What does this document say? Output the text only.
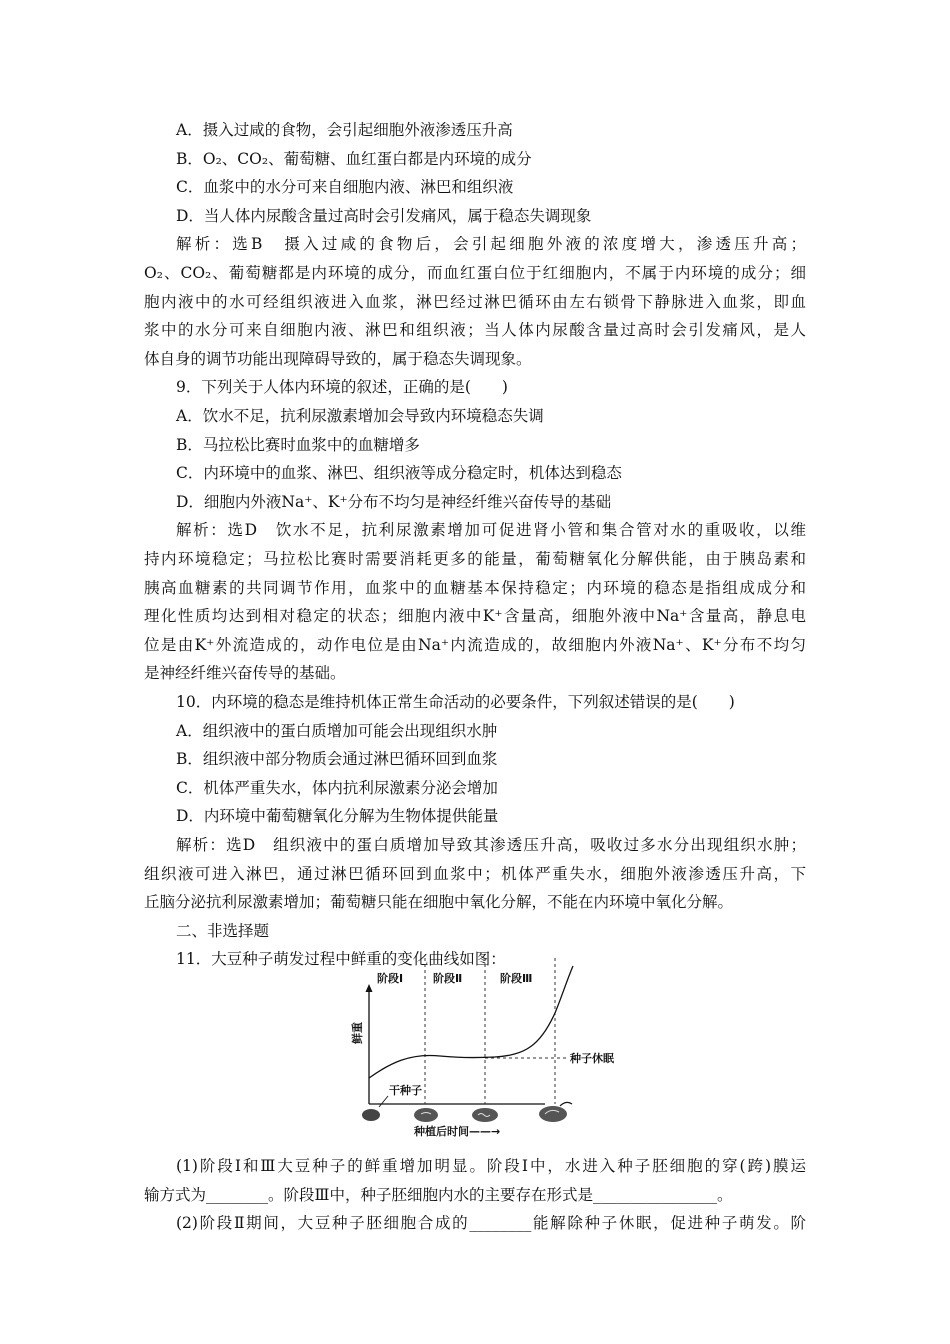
A．摄入过咸的食物，会引起细胞外液渗透压升高
B．O₂、CO₂、葡萄糖、血红蛋白都是内环境的成分
C．血浆中的水分可来自细胞内液、淋巴和组织液
D．当人体内尿酸含量过高时会引发痛风，属于稳态失调现象
解析：选B　摄入过咸的食物后，会引起细胞外液的浓度增大，渗透压升高；
O₂、CO₂、葡萄糖都是内环境的成分，而血红蛋白位于红细胞内，不属于内环境的成分；细
胞内液中的水可经组织液进入血浆，淋巴经过淋巴循环由左右锁骨下静脉进入血浆，即血
浆中的水分可来自细胞内液、淋巴和组织液；当人体内尿酸含量过高时会引发痛风，是人
体自身的调节功能出现障碍导致的，属于稳态失调现象。
9．下列关于人体内环境的叙述，正确的是(　　)
A．饮水不足，抗利尿激素增加会导致内环境稳态失调
B．马拉松比赛时血浆中的血糖增多
C．内环境中的血浆、淋巴、组织液等成分稳定时，机体达到稳态
D．细胞内外液Na⁺、K⁺分布不均匀是神经纤维兴奋传导的基础
解析：选D　饮水不足，抗利尿激素增加可促进肾小管和集合管对水的重吸收，以维
持内环境稳定；马拉松比赛时需要消耗更多的能量，葡萄糖氧化分解供能，由于胰岛素和
胰高血糖素的共同调节作用，血浆中的血糖基本保持稳定；内环境的稳态是指组成成分和
理化性质均达到相对稳定的状态；细胞内液中K⁺含量高，细胞外液中Na⁺含量高，静息电
位是由K⁺外流造成的，动作电位是由Na⁺内流造成的，故细胞内外液Na⁺、K⁺分布不均匀
是神经纤维兴奋传导的基础。
10．内环境的稳态是维持机体正常生命活动的必要条件，下列叙述错误的是(　　)
A．组织液中的蛋白质增加可能会出现组织水肿
B．组织液中部分物质会通过淋巴循环回到血浆
C．机体严重失水，体内抗利尿激素分泌会增加
D．内环境中葡萄糖氧化分解为生物体提供能量
解析：选D　组织液中的蛋白质增加导致其渗透压升高，吸收过多水分出现组织水肿；
组织液可进入淋巴，通过淋巴循环回到血浆中；机体严重失水，细胞外液渗透压升高，下
丘脑分泌抗利尿激素增加；葡萄糖只能在细胞中氧化分解，不能在内环境中氧化分解。
二、非选择题
11．大豆种子萌发过程中鲜重的变化曲线如图：
阶段Ⅰ	阶段Ⅱ	阶段Ⅲ
鲜重
种子休眠
干种子
种植后时间——→
(1)阶段Ⅰ和Ⅲ大豆种子的鲜重增加明显。阶段Ⅰ中，水进入种子胚细胞的穿(跨)膜运
输方式为________。阶段Ⅲ中，种子胚细胞内水的主要存在形式是________________。
(2)阶段Ⅱ期间，大豆种子胚细胞合成的________能解除种子休眠，促进种子萌发。阶
